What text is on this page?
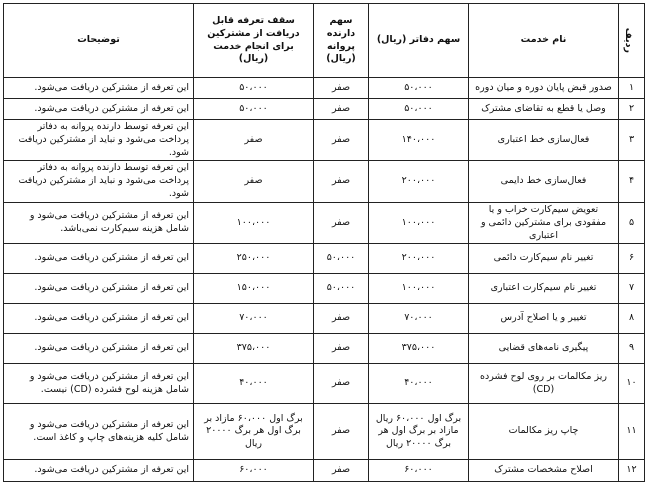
ردیف	نام خدمت	سهم دفاتر (ریال)	سهم دارنده پروانه (ریال)	سقف تعرفه قابل دریافت از مشترکین برای انجام خدمت (ریال)	توضیحات
۱	صدور قبض پایان دوره و میان دوره	۵۰،۰۰۰	صفر	۵۰،۰۰۰	این تعرفه از مشترکین دریافت می‌شود.
۲	وصل یا قطع به تقاضای مشترک	۵۰،۰۰۰	صفر	۵۰،۰۰۰	این تعرفه از مشترکین دریافت می‌شود.
۳	فعال‌سازی خط اعتباری	۱۴۰،۰۰۰	صفر	صفر	این تعرفه توسط دارنده پروانه به دفاتر پرداخت می‌شود و نباید از مشترکین دریافت شود.
۴	فعال‌سازی خط دایمی	۲۰۰،۰۰۰	صفر	صفر	این تعرفه توسط دارنده پروانه به دفاتر پرداخت می‌شود و نباید از مشترکین دریافت شود.
۵	تعویض سیم‌کارت خراب و یا مفقودی برای مشترکین دائمی و اعتباری	۱۰۰،۰۰۰	صفر	۱۰۰،۰۰۰	این تعرفه از مشترکین دریافت می‌شود و شامل هزینه سیم‌کارت نمی‌باشد.
۶	تغییر نام سیم‌کارت دائمی	۲۰۰،۰۰۰	۵۰،۰۰۰	۲۵۰،۰۰۰	این تعرفه از مشترکین دریافت می‌شود.
۷	تغییر نام سیم‌کارت اعتباری	۱۰۰،۰۰۰	۵۰،۰۰۰	۱۵۰،۰۰۰	این تعرفه از مشترکین دریافت می‌شود.
۸	تغییر و یا اصلاح آدرس	۷۰،۰۰۰	صفر	۷۰،۰۰۰	این تعرفه از مشترکین دریافت می‌شود.
۹	پیگیری نامه‌های قضایی	۳۷۵،۰۰۰	صفر	۳۷۵،۰۰۰	این تعرفه از مشترکین دریافت می‌شود.
۱۰	ریز مکالمات بر روی لوح فشرده (CD)	۴۰،۰۰۰	صفر	۴۰،۰۰۰	این تعرفه از مشترکین دریافت می‌شود و شامل هزینه لوح فشرده (CD) نیست.
۱۱	چاپ ریز مکالمات	برگ اول ۶۰،۰۰۰ ریال مازاد بر برگ اول هر برگ ۲۰۰۰۰ ریال	صفر	برگ اول ۶۰،۰۰۰ مازاد بر برگ اول هر برگ ۲۰۰۰۰ ریال	این تعرفه از مشترکین دریافت می‌شود و شامل کلیه هزینه‌های چاپ و کاغذ است.
۱۲	اصلاح مشخصات مشترک	۶۰،۰۰۰	صفر	۶۰،۰۰۰	این تعرفه از مشترکین دریافت می‌شود.
